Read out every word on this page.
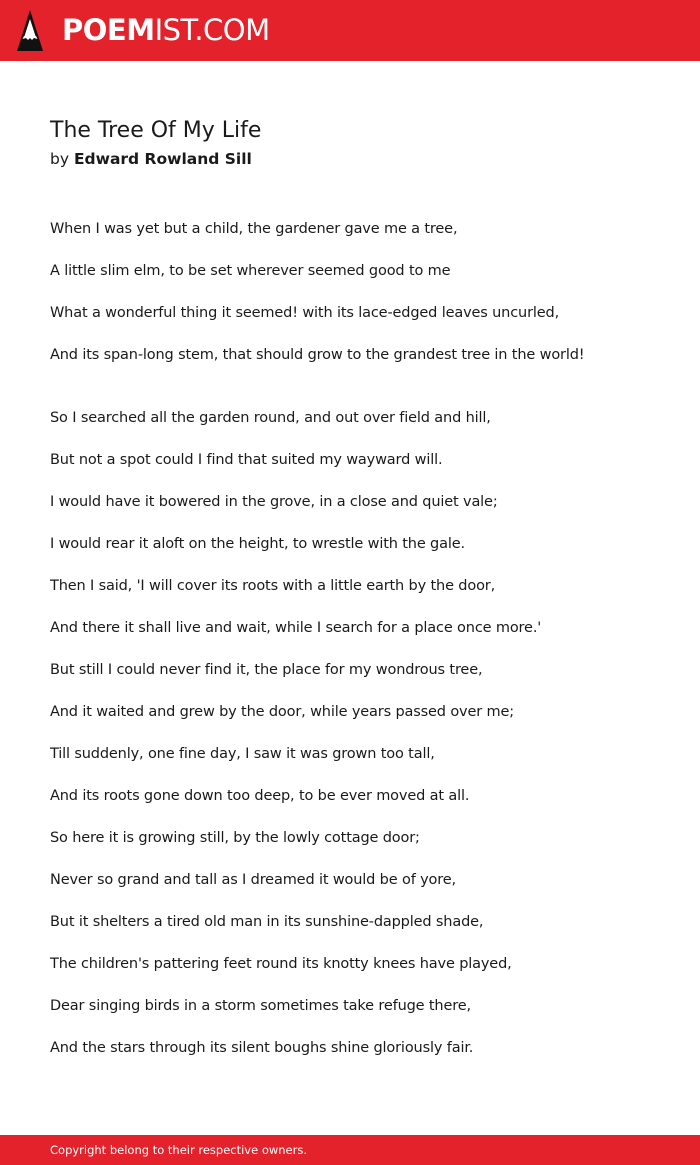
POEMIST.COM
The Tree Of My Life
by Edward Rowland Sill
When I was yet but a child, the gardener gave me a tree,
A little slim elm, to be set wherever seemed good to me
What a wonderful thing it seemed! with its lace-edged leaves uncurled,
And its span-long stem, that should grow to the grandest tree in the world!
So I searched all the garden round, and out over field and hill,
But not a spot could I find that suited my wayward will.
I would have it bowered in the grove, in a close and quiet vale;
I would rear it aloft on the height, to wrestle with the gale.
Then I said, 'I will cover its roots with a little earth by the door,
And there it shall live and wait, while I search for a place once more.'
But still I could never find it, the place for my wondrous tree,
And it waited and grew by the door, while years passed over me;
Till suddenly, one fine day, I saw it was grown too tall,
And its roots gone down too deep, to be ever moved at all.
So here it is growing still, by the lowly cottage door;
Never so grand and tall as I dreamed it would be of yore,
But it shelters a tired old man in its sunshine-dappled shade,
The children's pattering feet round its knotty knees have played,
Dear singing birds in a storm sometimes take refuge there,
And the stars through its silent boughs shine gloriously fair.
Copyright belong to their respective owners.
